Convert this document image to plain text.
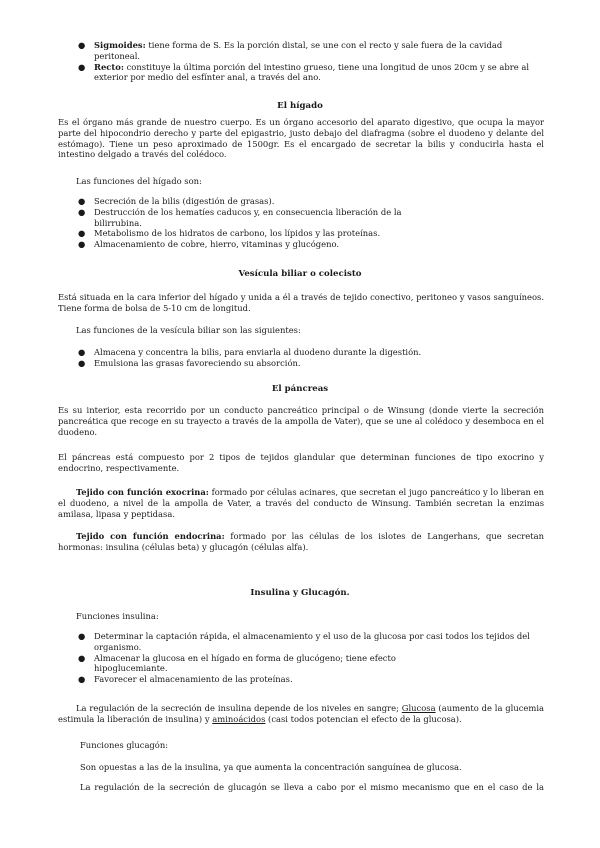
● Sigmoides: tiene forma de S. Es la porción distal, se une con el recto y sale fuera de la cavidad peritoneal.
● Recto: constituye la última porción del intestino grueso, tiene una longitud de unos 20cm y se abre al exterior por medio del esfínter anal, a través del ano.
El hígado

Es el órgano más grande de nuestro cuerpo. Es un órgano accesorio del aparato digestivo, que ocupa la mayor parte del hipocondrio derecho y parte del epigastrio, justo debajo del diafragma (sobre el duodeno y delante del estómago). Tiene un peso aproximado de 1500gr. Es el encargado de secretar la bilis y conducirla hasta el intestino delgado a través del colédoco.

Las funciones del hígado son:

● Secreción de la bilis (digestión de grasas).
● Destrucción de los hematíes caducos y, en consecuencia liberación de la bilirrubina.
● Metabolismo de los hidratos de carbono, los lípidos y las proteínas.
● Almacenamiento de cobre, hierro, vitaminas y glucógeno.
Vesícula biliar o colecisto

Está situada en la cara inferior del hígado y unida a él a través de tejido conectivo, peritoneo y vasos sanguíneos. Tiene forma de bolsa de 5-10 cm de longitud.

Las funciones de la vesícula biliar son las siguientes:

● Almacena y concentra la bilis, para enviarla al duodeno durante la digestión.
● Emulsiona las grasas favoreciendo su absorción.
El páncreas

Es su interior, esta recorrido por un conducto pancreático principal o de Winsung (donde vierte la secreción pancreática que recoge en su trayecto a través de la ampolla de Vater), que se une al colédoco y desemboca en el duodeno.

El páncreas está compuesto por 2 tipos de tejidos glandular que determinan funciones de tipo exocrino y endocrino, respectivamente.

Tejido con función exocrina: formado por células acinares, que secretan el jugo pancreático y lo liberan en el duodeno, a nivel de la ampolla de Vater, a través del conducto de Winsung. También secretan la enzimas amilasa, lipasa y peptidasa.

Tejido con función endocrina: formado por las células de los islotes de Langerhans, que secretan hormonas: insulina (células beta) y glucagón (células alfa).

Insulina y Glucagón.

Funciones insulina:

● Determinar la captación rápida, el almacenamiento y el uso de la glucosa por casi todos los tejidos del organismo.
● Almacenar la glucosa en el hígado en forma de glucógeno; tiene efecto hipoglucemiante.
● Favorecer el almacenamiento de las proteínas.

La regulación de la secreción de insulina depende de los niveles en sangre; Glucosa (aumento de la glucemia estimula la liberación de insulina) y aminoácidos (casi todos potencian el efecto de la glucosa).

Funciones glucagón:

Son opuestas a las de la insulina, ya que aumenta la concentración sanguínea de glucosa.

La regulación de la secreción de glucagón se lleva a cabo por el mismo mecanismo que en el caso de la
